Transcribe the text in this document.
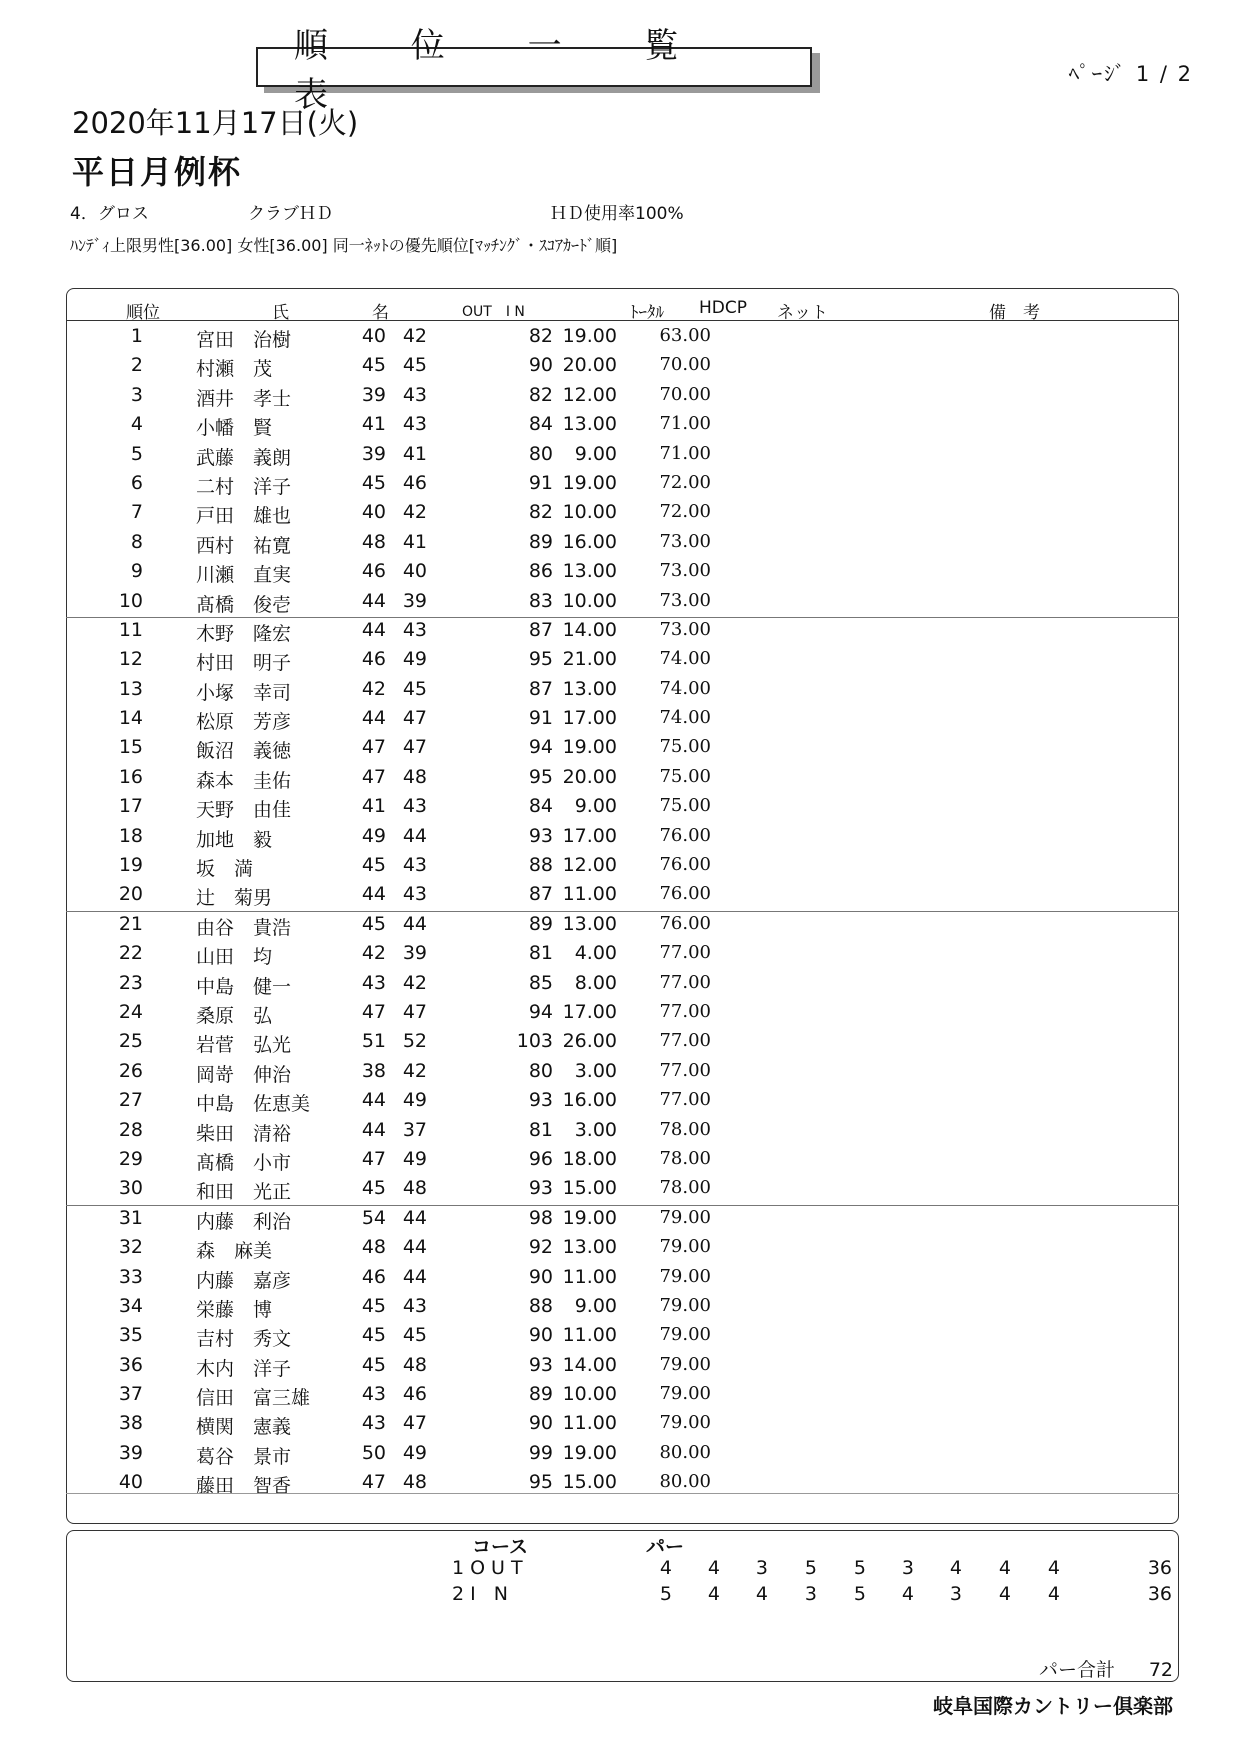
順 位 一 覧 表
ﾍﾟｰｼﾞ 1 / 2
2020年11月17日(火)
平日月例杯
4．グロス	クラブＨＤ	ＨＤ使用率100%
ﾊﾝﾃﾞｨ上限男性[36.00] 女性[36.00] 同一ﾈｯﾄの優先順位[ﾏｯﾁﾝｸﾞ・ｽｺｱｶｰﾄﾞ順]
順位	氏　　　名	OUT　I N	ﾄｰﾀﾙ HDCP ネット	備　考
1	宮田　治樹	40 42	82 19.00 63.00
2	村瀬　茂	45 45	90 20.00 70.00
3	酒井　孝士	39 43	82 12.00 70.00
4	小幡　賢	41 43	84 13.00 71.00
5	武藤　義朗	39 41	80 9.00 71.00
6	二村　洋子	45 46	91 19.00 72.00
7	戸田　雄也	40 42	82 10.00 72.00
8	西村　祐寛	48 41	89 16.00 73.00
9	川瀬　直実	46 40	86 13.00 73.00
10	髙橋　俊壱	44 39	83 10.00 73.00
11	木野　隆宏	44 43	87 14.00 73.00
12	村田　明子	46 49	95 21.00 74.00
13	小塚　幸司	42 45	87 13.00 74.00
14	松原　芳彦	44 47	91 17.00 74.00
15	飯沼　義徳	47 47	94 19.00 75.00
16	森本　圭佑	47 48	95 20.00 75.00
17	天野　由佳	41 43	84 9.00 75.00
18	加地　毅	49 44	93 17.00 76.00
19	坂　満	45 43	88 12.00 76.00
20	辻　菊男	44 43	87 11.00 76.00
21	由谷　貴浩	45 44	89 13.00 76.00
22	山田　均	42 39	81 4.00 77.00
23	中島　健一	43 42	85 8.00 77.00
24	桑原　弘	47 47	94 17.00 77.00
25	岩菅　弘光	51 52	103 26.00 77.00
26	岡嵜　伸治	38 42	80 3.00 77.00
27	中島　佐恵美	44 49	93 16.00 77.00
28	柴田　清裕	44 37	81 3.00 78.00
29	髙橋　小市	47 49	96 18.00 78.00
30	和田　光正	45 48	93 15.00 78.00
31	内藤　利治	54 44	98 19.00 79.00
32	森　麻美	48 44	92 13.00 79.00
33	内藤　嘉彦	46 44	90 11.00 79.00
34	栄藤　博	45 43	88 9.00 79.00
35	吉村　秀文	45 45	90 11.00 79.00
36	木内　洋子	45 48	93 14.00 79.00
37	信田　富三雄	43 46	89 10.00 79.00
38	横関　憲義	43 47	90 11.00 79.00
39	葛谷　景市	50 49	99 19.00 80.00
40	藤田　智香	47 48	95 15.00 80.00
コース	パー
1OUT	4	4	3	5	5	3	4	4	4	36
2I N	5	4	4	3	5	4	3	4	4	36
パー合計 72
岐阜国際カントリー倶楽部
